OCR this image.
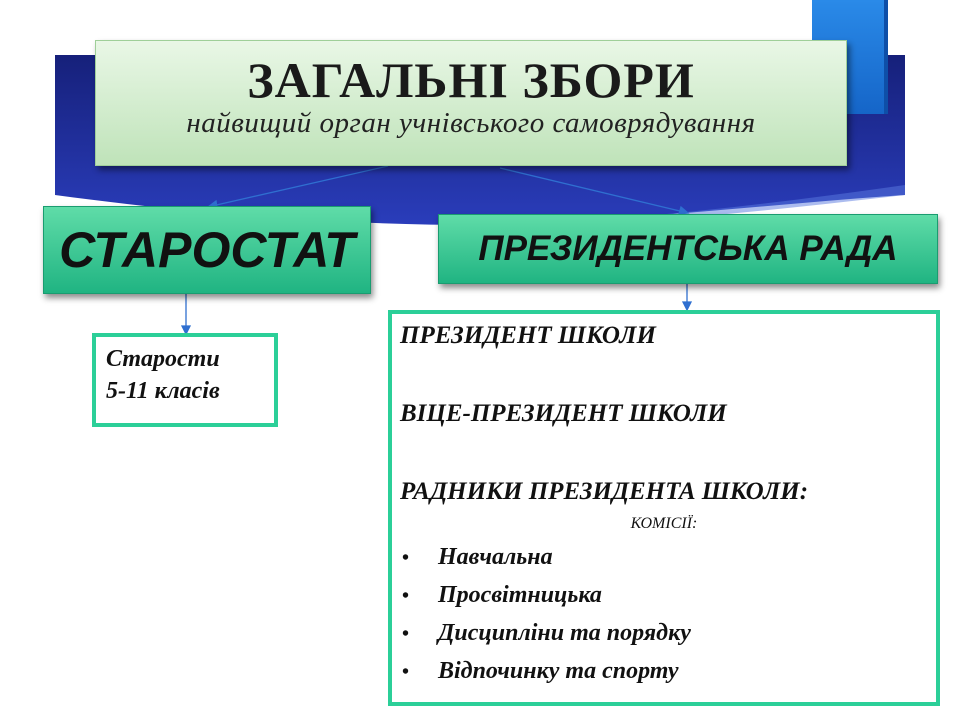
ЗАГАЛЬНІ ЗБОРИ
найвищий орган учнівського самоврядування
СТАРОСТАТ	ПРЕЗИДЕНТСЬКА РАДА
Старости
5-11 класів
ПРЕЗИДЕНТ ШКОЛИ
ВІЦЕ-ПРЕЗИДЕНТ ШКОЛИ
РАДНИКИ ПРЕЗИДЕНТА ШКОЛИ:
КОМІСІЇ:
• Навчальна
• Просвітницька
• Дисципліни та порядку
• Відпочинку та спорту
